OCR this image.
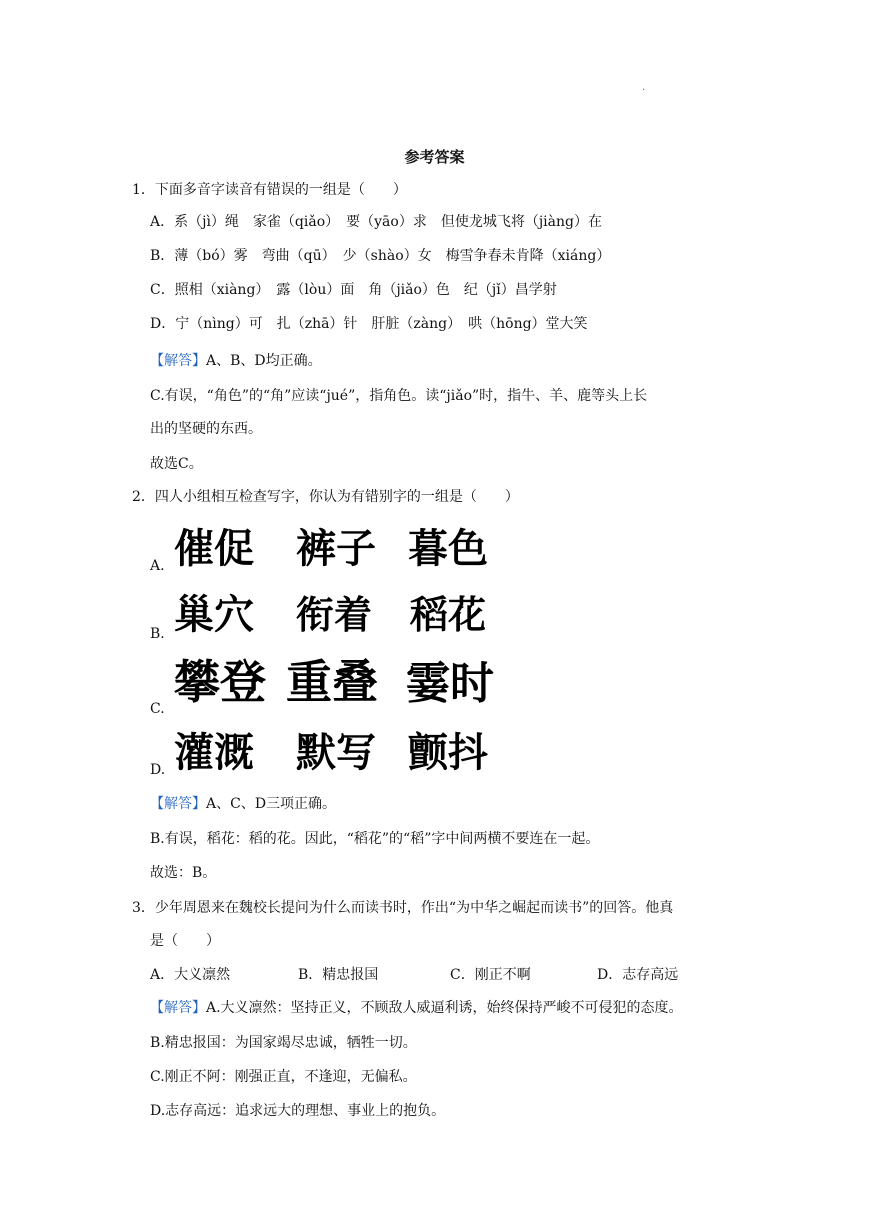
.
参考答案
1．下面多音字读音有错误的一组是（　　）
A．系（jì）绳　家雀（qiǎo）　要（yāo）求　但使龙城飞将（jiàng）在
B．薄（bó）雾　弯曲（qū）　少（shào）女　梅雪争春未肯降（xiáng）
C．照相（xiàng）　露（lòu）面　角（jiǎo）色　纪（jǐ）昌学射
D．宁（nìng）可　扎（zhā）针　肝脏（zàng）　哄（hōng）堂大笑
【解答】A、B、D均正确。
C.有误，“角色”的“角”应读“jué”，指角色。读“jiǎo”时，指牛、羊、鹿等头上长
出的坚硬的东西。
故选C。
2．四人小组相互检查写字，你认为有错别字的一组是（　　）
A. 催促 裤子 暮色
B. 巢穴 衔着 稻花
C. 攀登 重叠 霎时
D. 灌溉 默写 颤抖
【解答】A、C、D三项正确。
B.有误，稻花：稻的花。因此，“稻花”的“稻”字中间两横不要连在一起。
故选：B。
3．少年周恩来在魏校长提问为什么而读书时，作出“为中华之崛起而读书”的回答。他真
是（　　）
A．大义凛然	B．精忠报国	C．刚正不啊	D．志存高远
【解答】A.大义凛然：坚持正义，不顾敌人威逼利诱，始终保持严峻不可侵犯的态度。
B.精忠报国：为国家竭尽忠诚，牺牲一切。
C.刚正不阿：刚强正直，不逢迎，无偏私。
D.志存高远：追求远大的理想、事业上的抱负。
